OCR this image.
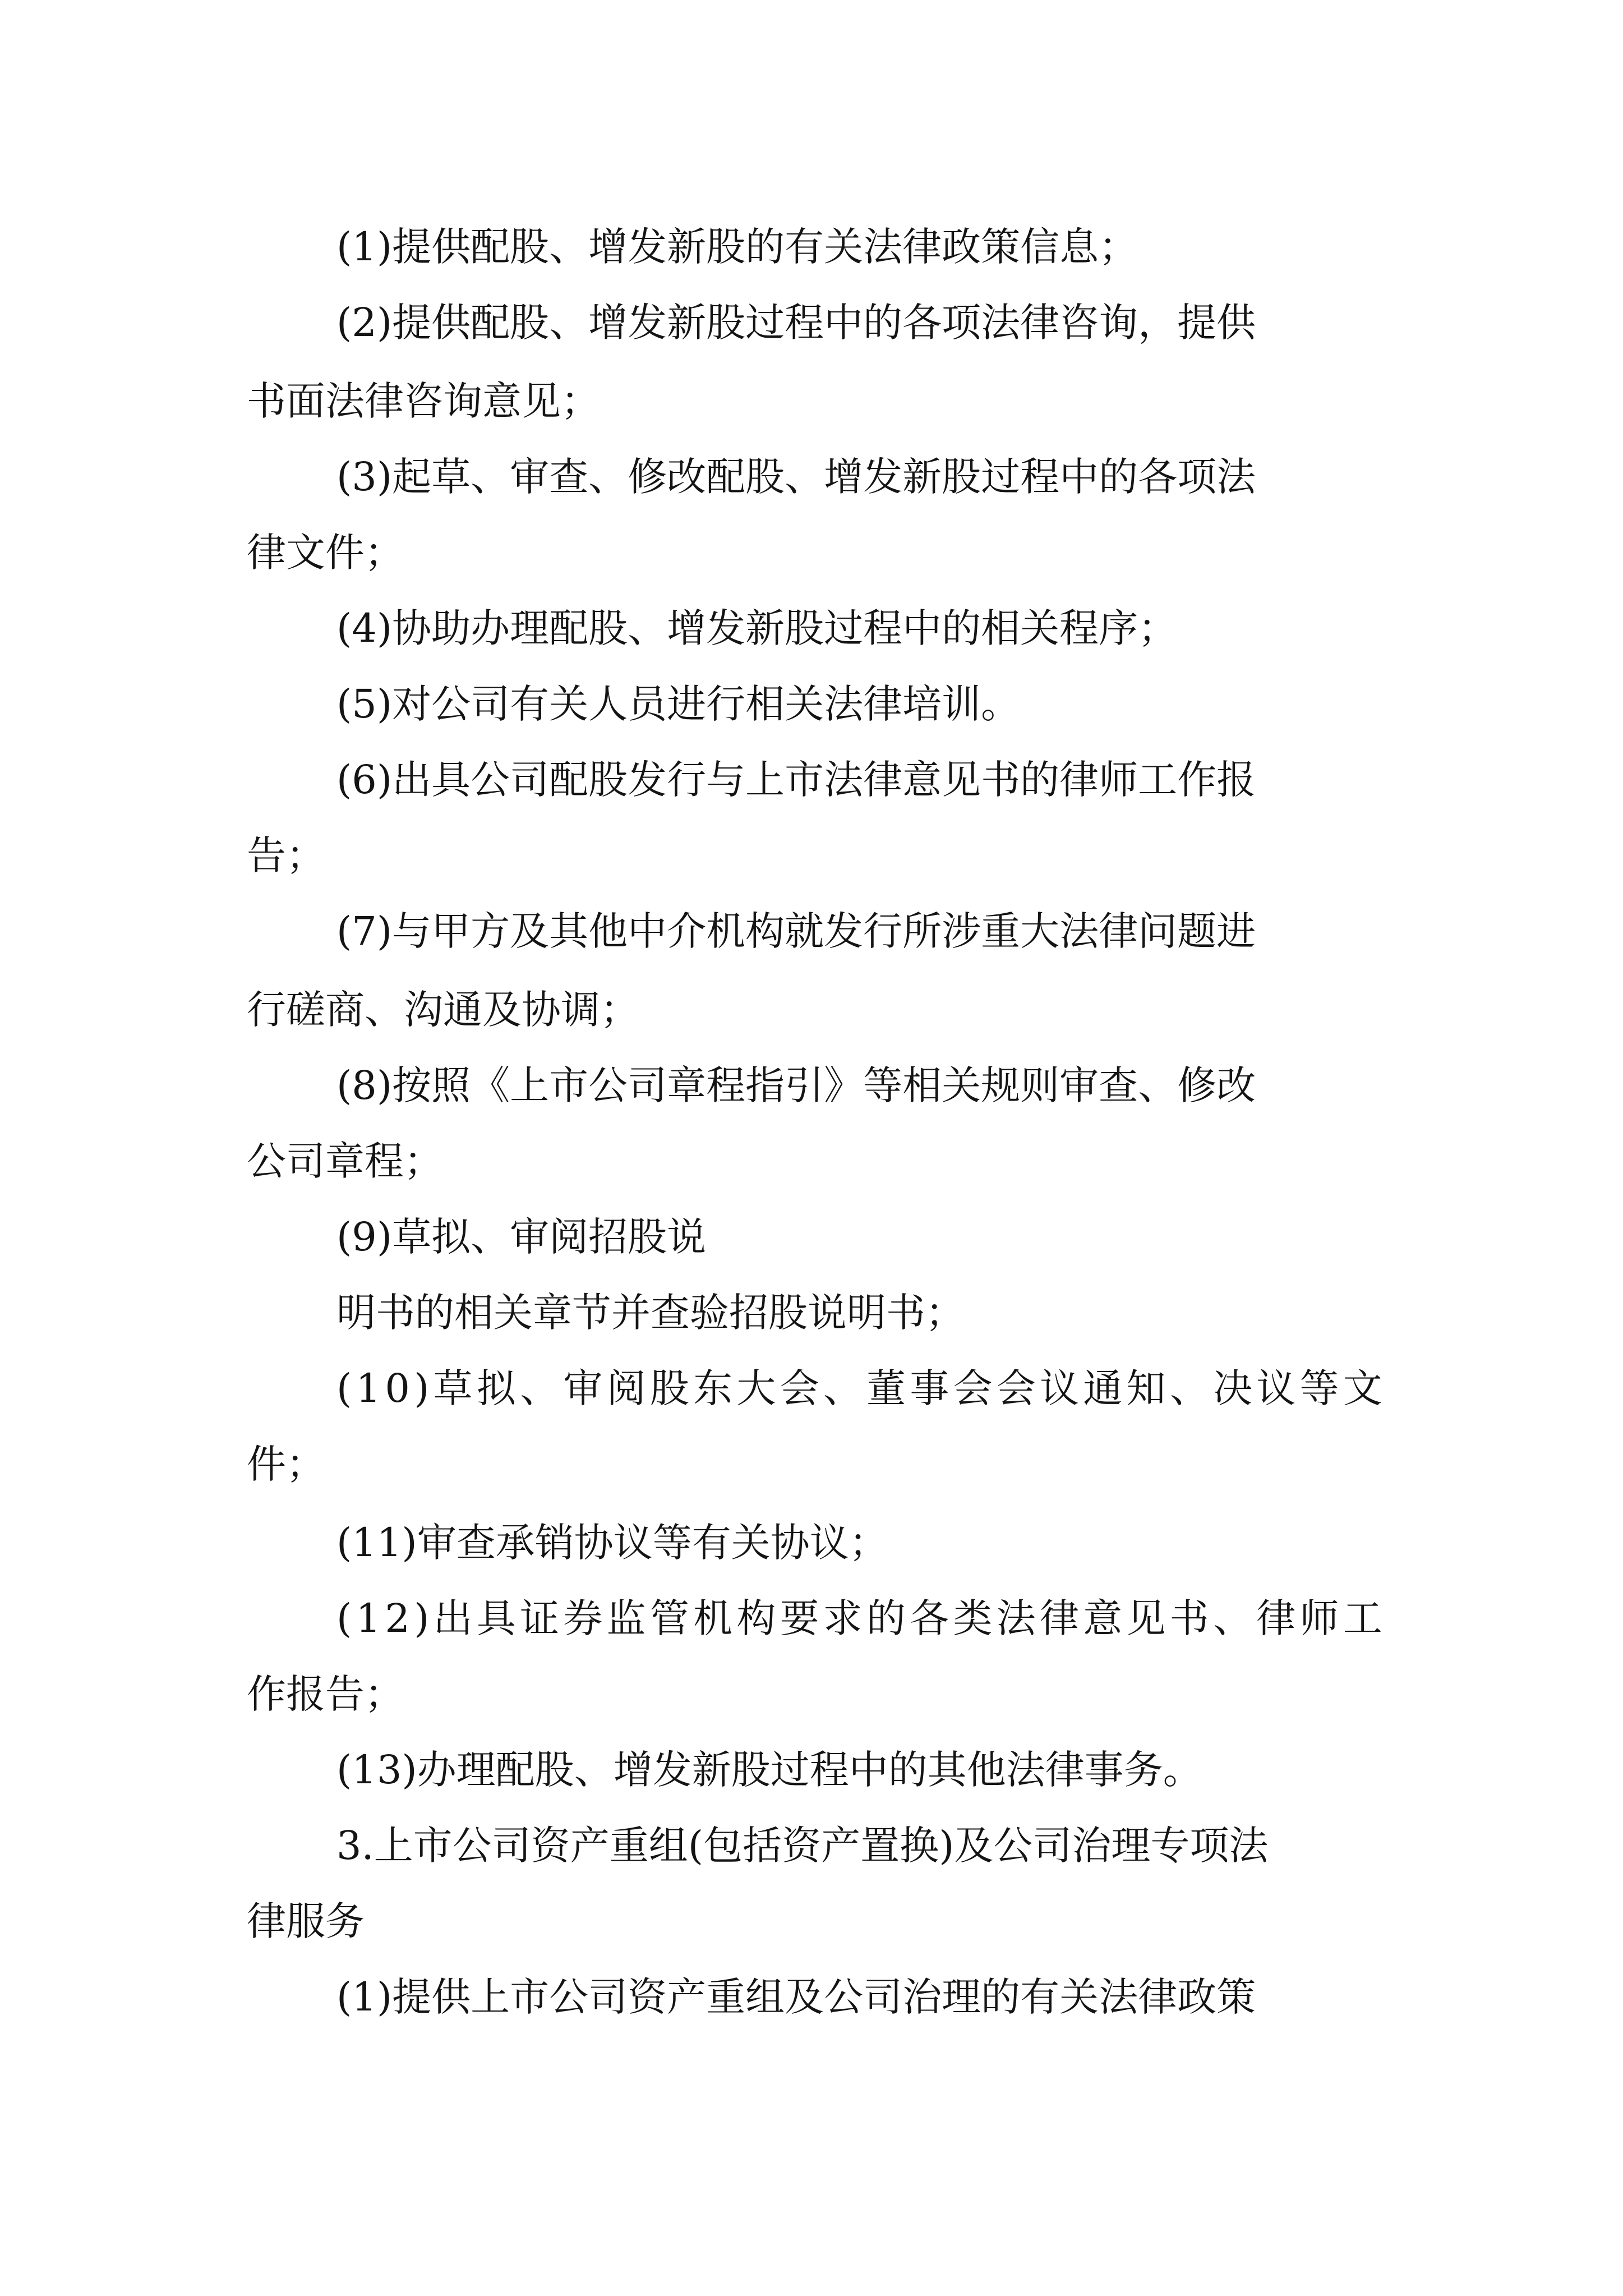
(1)提供配股、增发新股的有关法律政策信息；
(2)提供配股、增发新股过程中的各项法律咨询，提供
书面法律咨询意见；
(3)起草、审查、修改配股、增发新股过程中的各项法
律文件；
(4)协助办理配股、增发新股过程中的相关程序；
(5)对公司有关人员进行相关法律培训。
(6)出具公司配股发行与上市法律意见书的律师工作报
告；
(7)与甲方及其他中介机构就发行所涉重大法律问题进
行磋商、沟通及协调；
(8)按照《上市公司章程指引》等相关规则审查、修改
公司章程；
(9)草拟、审阅招股说
明书的相关章节并查验招股说明书；
(10)草拟、审阅股东大会、董事会会议通知、决议等文
件；
(11)审查承销协议等有关协议；
(12)出具证券监管机构要求的各类法律意见书、律师工
作报告；
(13)办理配股、增发新股过程中的其他法律事务。
3.上市公司资产重组(包括资产置换)及公司治理专项法
律服务
(1)提供上市公司资产重组及公司治理的有关法律政策
